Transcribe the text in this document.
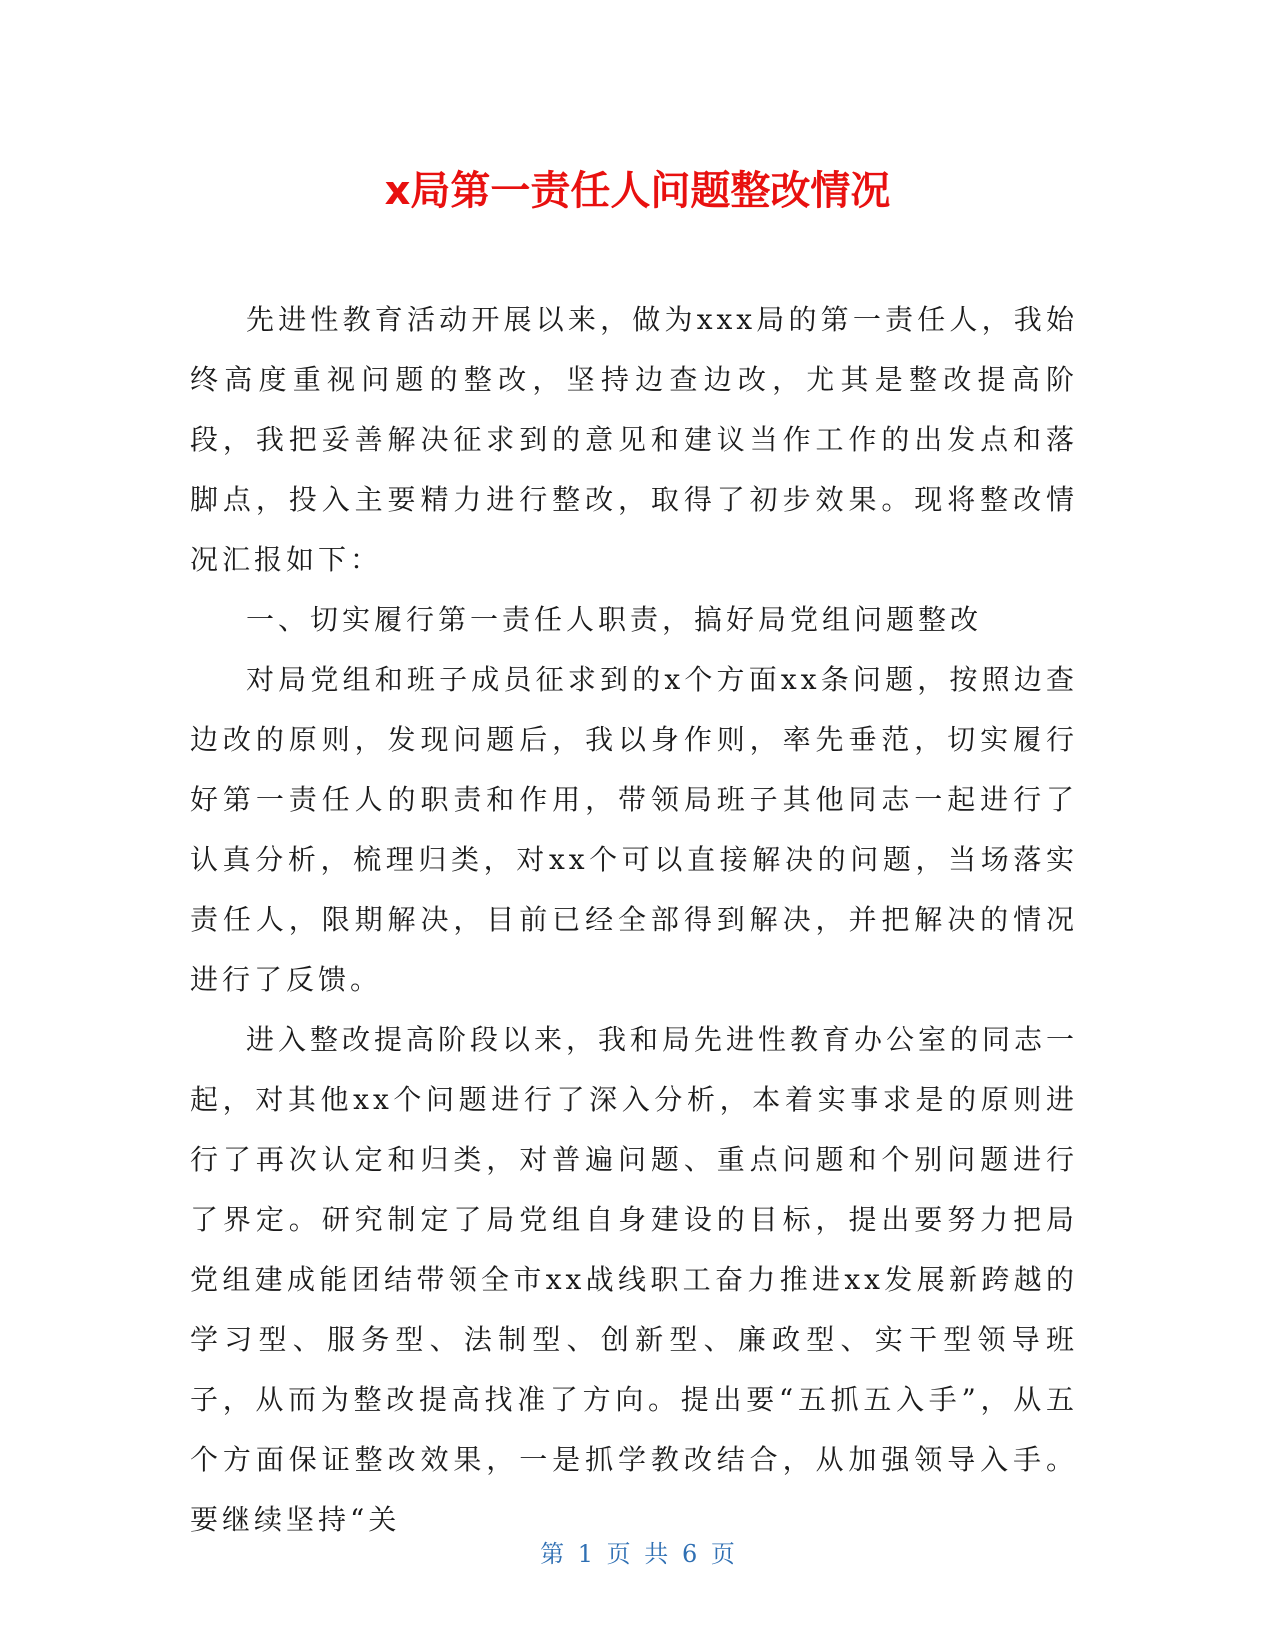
x局第一责任人问题整改情况

先进性教育活动开展以来，做为xxx局的第一责任人，我始终高度重视问题的整改，坚持边查边改，尤其是整改提高阶段，我把妥善解决征求到的意见和建议当作工作的出发点和落脚点，投入主要精力进行整改，取得了初步效果。现将整改情况汇报如下：

一、切实履行第一责任人职责，搞好局党组问题整改

对局党组和班子成员征求到的x个方面xx条问题，按照边查边改的原则，发现问题后，我以身作则，率先垂范，切实履行好第一责任人的职责和作用，带领局班子其他同志一起进行了认真分析，梳理归类，对xx个可以直接解决的问题，当场落实责任人，限期解决，目前已经全部得到解决，并把解决的情况进行了反馈。

进入整改提高阶段以来，我和局先进性教育办公室的同志一起，对其他xx个问题进行了深入分析，本着实事求是的原则进行了再次认定和归类，对普遍问题、重点问题和个别问题进行了界定。研究制定了局党组自身建设的目标，提出要努力把局党组建成能团结带领全市xx战线职工奋力推进xx发展新跨越的学习型、服务型、法制型、创新型、廉政型、实干型领导班子，从而为整改提高找准了方向。提出要“五抓五入手”，从五个方面保证整改效果，一是抓学教改结合，从加强领导入手。要继续坚持“关

第 1 页 共 6 页
